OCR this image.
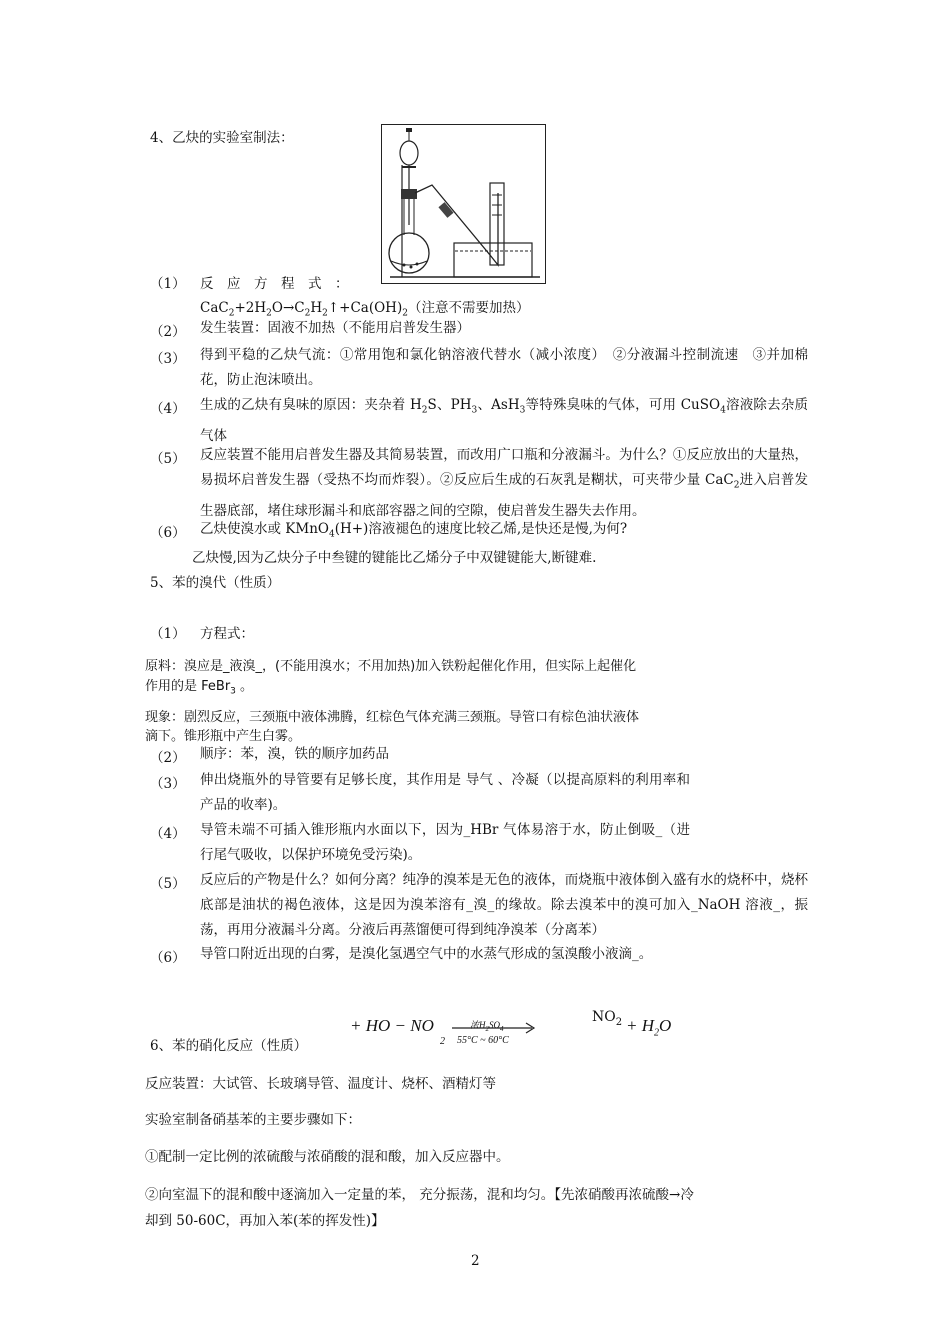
4、乙炔的实验室制法：
（1） 反　应　方　程　式　：
$CaC_2+2H_2O\to C_2H_2↑+Ca(OH)_2$（注意不需要加热）
（2） 发生装置：固液不加热（不能用启普发生器）
（3） 得到平稳的乙炔气流：①常用饱和氯化钠溶液代替水（减小浓度）　②分液漏斗控制流速　③并加棉花，防止泡沫喷出。
（4） 生成的乙炔有臭味的原因：夹杂着 $H_2S$、$PH_3$、AsH$_3$等特殊臭味的气体，可用 CuSO$_4$溶液除去杂质气体
（5） 反应装置不能用启普发生器及其简易装置，而改用广口瓶和分液漏斗。为什么？①反应放出的大量热，易损坏启普发生器（受热不均而炸裂）。②反应后生成的石灰乳是糊状，可夹带少量 CaC$_2$进入启普发生器底部，堵住球形漏斗和底部容器之间的空隙，使启普发生器失去作用。
（6） 乙炔使溴水或 KMnO$_4$(H+)溶液褪色的速度比较乙烯,是快还是慢,为何?
乙炔慢,因为乙炔分子中叁键的键能比乙烯分子中双键键能大,断键难.
5、苯的溴代（性质）
（1） 方程式：
原料：溴应是_液溴_，(不能用溴水；不用加热)加入铁粉起催化作用，但实际上起催化
作用的是 FeBr$_3$ 。
现象：剧烈反应，三颈瓶中液体沸腾，红棕色气体充满三颈瓶。导管口有棕色油状液体
滴下。锥形瓶中产生白雾。
（2） 顺序：苯，溴，铁的顺序加药品
（3） 伸出烧瓶外的导管要有足够长度，其作用是 导气 、冷凝（以提高原料的利用率和产品的收率)。
（4） 导管未端不可插入锥形瓶内水面以下，因为_HBr 气体易溶于水，防止倒吸_（进行尾气吸收，以保护环境免受污染)。
（5） 反应后的产物是什么？如何分离？纯净的溴苯是无色的液体，而烧瓶中液体倒入盛有水的烧杯中，烧杯底部是油状的褐色液体，这是因为溴苯溶有_溴_的缘故。除去溴苯中的溴可加入_NaOH 溶液_，振荡，再用分液漏斗分离。分液后再蒸馏便可得到纯净溴苯（分离苯）
（6） 导管口附近出现的白雾，是溴化氢遇空气中的水蒸气形成的氢溴酸小液滴_。
6、苯的硝化反应（性质）
+ HO − NO
2
浓$H_2SO_4$
55°C ~ 60°C
$NO_2 + H_2O$
反应装置：大试管、长玻璃导管、温度计、烧杯、酒精灯等
实验室制备硝基苯的主要步骤如下：
①配制一定比例的浓硫酸与浓硝酸的混和酸，加入反应器中。
②向室温下的混和酸中逐滴加入一定量的苯， 充分振荡，混和均匀。【先浓硝酸再浓硫酸→冷
却到 50-60C，再加入苯(苯的挥发性)】
2
